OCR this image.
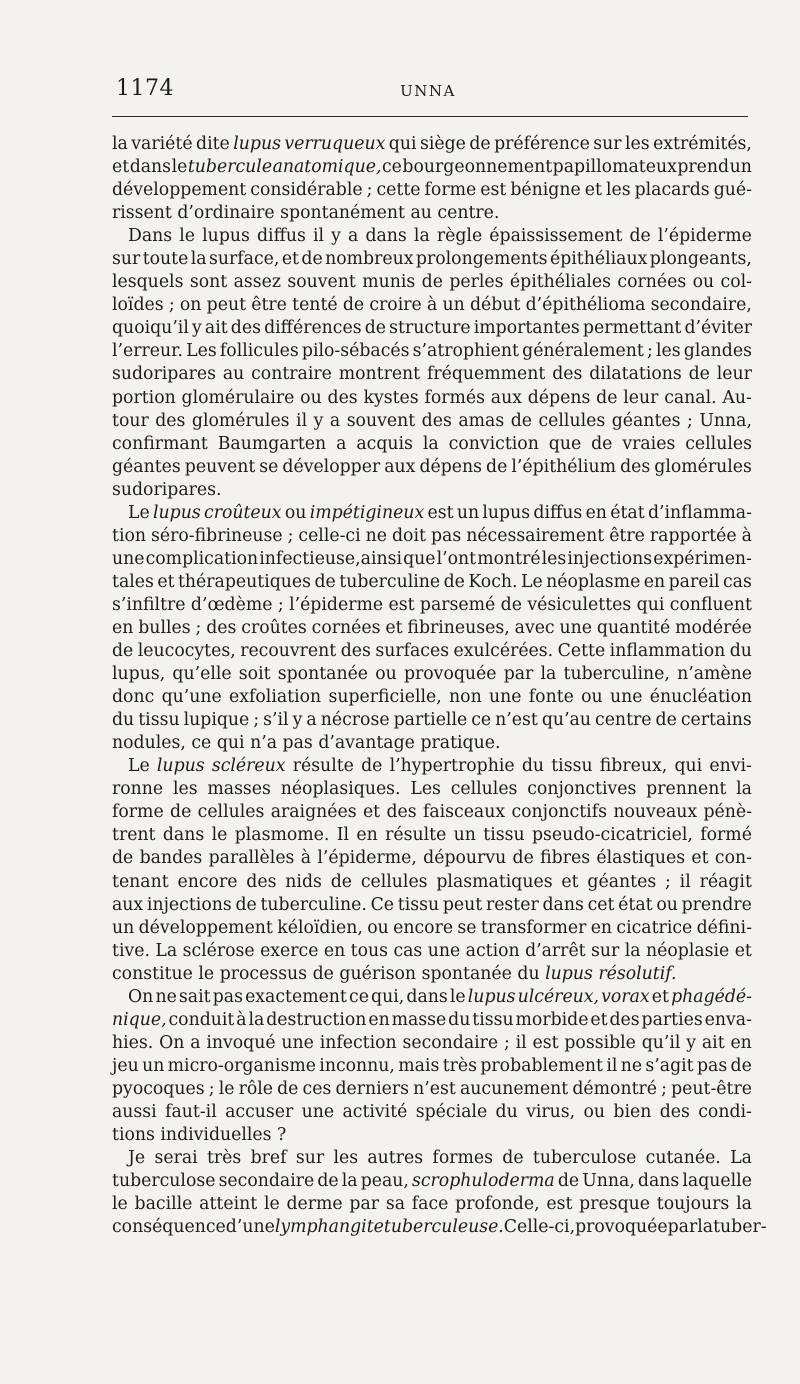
1174	UNNA
la variété dite lupus verruqueux qui siège de préférence sur les extrémités,
et dans le tubercule anatomique, ce bourgeonnement papillomateux prend un
développement considérable ; cette forme est bénigne et les placards gué-
rissent d’ordinaire spontanément au centre.
Dans le lupus diffus il y a dans la règle épaississement de l’épiderme
sur toute la surface, et de nombreux prolongements épithéliaux plongeants,
lesquels sont assez souvent munis de perles épithéliales cornées ou col-
loïdes ; on peut être tenté de croire à un début d’épithélioma secondaire,
quoiqu’il y ait des différences de structure importantes permettant d’éviter
l’erreur. Les follicules pilo-sébacés s’atrophient généralement ; les glandes
sudoripares au contraire montrent fréquemment des dilatations de leur
portion glomérulaire ou des kystes formés aux dépens de leur canal. Au-
tour des glomérules il y a souvent des amas de cellules géantes ; Unna,
confirmant Baumgarten a acquis la conviction que de vraies cellules
géantes peuvent se développer aux dépens de l’épithélium des glomérules
sudoripares.
Le lupus croûteux ou impétigineux est un lupus diffus en état d’inflamma-
tion séro-fibrineuse ; celle-ci ne doit pas nécessairement être rapportée à
une complication infectieuse,ainsi que l’ont montré les injections expérimen-
tales et thérapeutiques de tuberculine de Koch. Le néoplasme en pareil cas
s’infiltre d’œdème ; l’épiderme est parsemé de vésiculettes qui confluent
en bulles ; des croûtes cornées et fibrineuses, avec une quantité modérée
de leucocytes, recouvrent des surfaces exulcérées. Cette inflammation du
lupus, qu’elle soit spontanée ou provoquée par la tuberculine, n’amène
donc qu’une exfoliation superficielle, non une fonte ou une énucléation
du tissu lupique ; s’il y a nécrose partielle ce n’est qu’au centre de certains
nodules, ce qui n’a pas d’avantage pratique.
Le lupus scléreux résulte de l’hypertrophie du tissu fibreux, qui envi-
ronne les masses néoplasiques. Les cellules conjonctives prennent la
forme de cellules araignées et des faisceaux conjonctifs nouveaux pénè-
trent dans le plasmome. Il en résulte un tissu pseudo-cicatriciel, formé
de bandes parallèles à l’épiderme, dépourvu de fibres élastiques et con-
tenant encore des nids de cellules plasmatiques et géantes ; il réagit
aux injections de tuberculine. Ce tissu peut rester dans cet état ou prendre
un développement kéloïdien, ou encore se transformer en cicatrice défini-
tive. La sclérose exerce en tous cas une action d’arrêt sur la néoplasie et
constitue le processus de guérison spontanée du lupus résolutif.
On ne sait pas exactement ce qui, dans le lupus ulcéreux, vorax et phagédé-
nique, conduit à la destruction en masse du tissu morbide et des parties enva-
hies. On a invoqué une infection secondaire ; il est possible qu’il y ait en
jeu un micro-organisme inconnu, mais très probablement il ne s’agit pas de
pyocoques ; le rôle de ces derniers n’est aucunement démontré ; peut-être
aussi faut-il accuser une activité spéciale du virus, ou bien des condi-
tions individuelles ?
Je serai très bref sur les autres formes de tuberculose cutanée. La
tuberculose secondaire de la peau, scrophuloderma de Unna, dans laquelle
le bacille atteint le derme par sa face profonde, est presque toujours la
conséquence d’une lymphangite tuberculeuse. Celle-ci, provoquée par la tuber-
